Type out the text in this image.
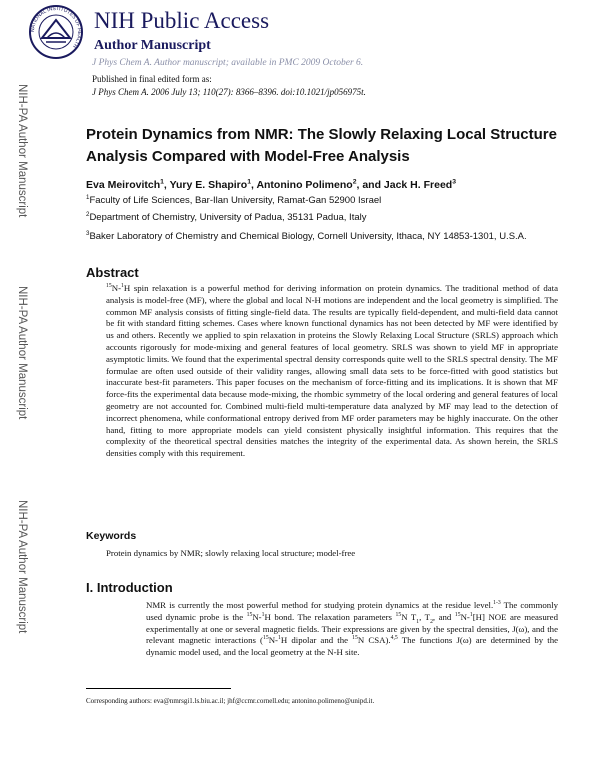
NIH-PA Author Manuscript
NIH-PA Author Manuscript
NIH-PA Author Manuscript
NATIONAL INSTITUTES OF HEALTH
NIH Public Access
Author Manuscript
J Phys Chem A. Author manuscript; available in PMC 2009 October 6.
Published in final edited form as:
J Phys Chem A. 2006 July 13; 110(27): 8366–8396. doi:10.1021/jp056975t.
Protein Dynamics from NMR: The Slowly Relaxing Local Structure Analysis Compared with Model-Free Analysis
Eva Meirovitch$^1$, Yury E. Shapiro$^1$, Antonino Polimeno$^2$, and Jack H. Freed$^3$
$^1$Faculty of Life Sciences, Bar-Ilan University, Ramat-Gan 52900 Israel
$^2$Department of Chemistry, University of Padua, 35131 Padua, Italy
$^3$Baker Laboratory of Chemistry and Chemical Biology, Cornell University, Ithaca, NY 14853-1301, U.S.A.
Abstract
$^{15}$N-$^1$H spin relaxation is a powerful method for deriving information on protein dynamics. The traditional method of data analysis is model-free (MF), where the global and local N-H motions are independent and the local geometry is simplified. The common MF analysis consists of fitting single-field data. The results are typically field-dependent, and multi-field data cannot be fit with standard fitting schemes. Cases where known functional dynamics has not been detected by MF were identified by us and others. Recently we applied to spin relaxation in proteins the Slowly Relaxing Local Structure (SRLS) approach which accounts rigorously for mode-mixing and general features of local geometry. SRLS was shown to yield MF in appropriate asymptotic limits. We found that the experimental spectral density corresponds quite well to the SRLS spectral density. The MF formulae are often used outside of their validity ranges, allowing small data sets to be force-fitted with good statistics but inaccurate best-fit parameters. This paper focuses on the mechanism of force-fitting and its implications. It is shown that MF force-fits the experimental data because mode-mixing, the rhombic symmetry of the local ordering and general features of local geometry are not accounted for. Combined multi-field multi-temperature data analyzed by MF may lead to the detection of incorrect phenomena, while conformational entropy derived from MF order parameters may be highly inaccurate. On the other hand, fitting to more appropriate models can yield consistent physically insightful information. This requires that the complexity of the theoretical spectral densities matches the integrity of the experimental data. As shown herein, the SRLS densities comply with this requirement.
Keywords
Protein dynamics by NMR; slowly relaxing local structure; model-free
I. Introduction
NMR is currently the most powerful method for studying protein dynamics at the residue level.$^{1-3}$ The commonly used dynamic probe is the $^{15}$N-$^1$H bond. The relaxation parameters $^{15}$N $T_1$, $T_2$, and $^{15}$N-$^1$[H] NOE are measured experimentally at one or several magnetic fields. Their expressions are given by the spectral densities, J(ω), and the relevant magnetic interactions ($^{15}$N-$^1$H dipolar and the $^{15}$N CSA).$^{4,5}$ The functions J(ω) are determined by the dynamic model used, and the local geometry at the N-H site.
Corresponding authors: eva@nmrsgi1.ls.biu.ac.il; jhf@ccmr.cornell.edu; antonino.polimeno@unipd.it.
